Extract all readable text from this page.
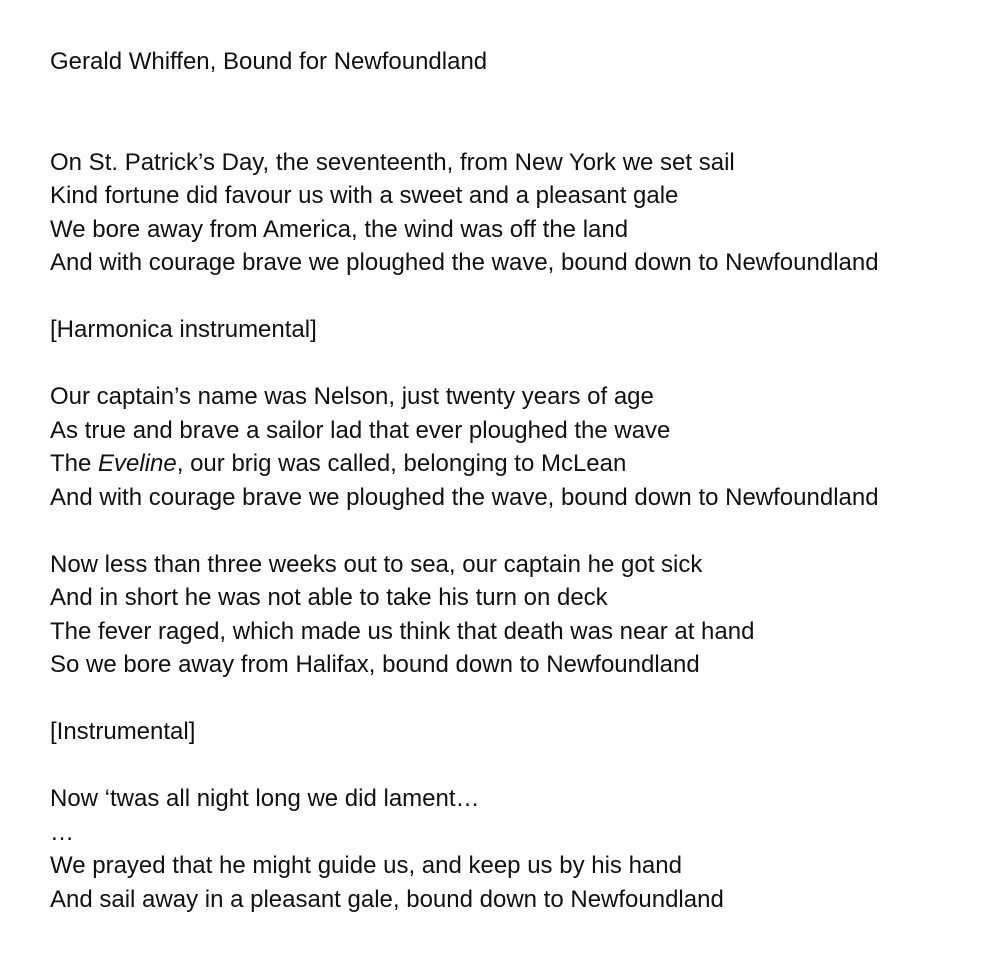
Gerald Whiffen, Bound for Newfoundland
On St. Patrick’s Day, the seventeenth, from New York we set sail
Kind fortune did favour us with a sweet and a pleasant gale
We bore away from America, the wind was off the land
And with courage brave we ploughed the wave, bound down to Newfoundland
[Harmonica instrumental]
Our captain’s name was Nelson, just twenty years of age
As true and brave a sailor lad that ever ploughed the wave
The Eveline, our brig was called, belonging to McLean
And with courage brave we ploughed the wave, bound down to Newfoundland
Now less than three weeks out to sea, our captain he got sick
And in short he was not able to take his turn on deck
The fever raged, which made us think that death was near at hand
So we bore away from Halifax, bound down to Newfoundland
[Instrumental]
Now ‘twas all night long we did lament…
…
We prayed that he might guide us, and keep us by his hand
And sail away in a pleasant gale, bound down to Newfoundland
